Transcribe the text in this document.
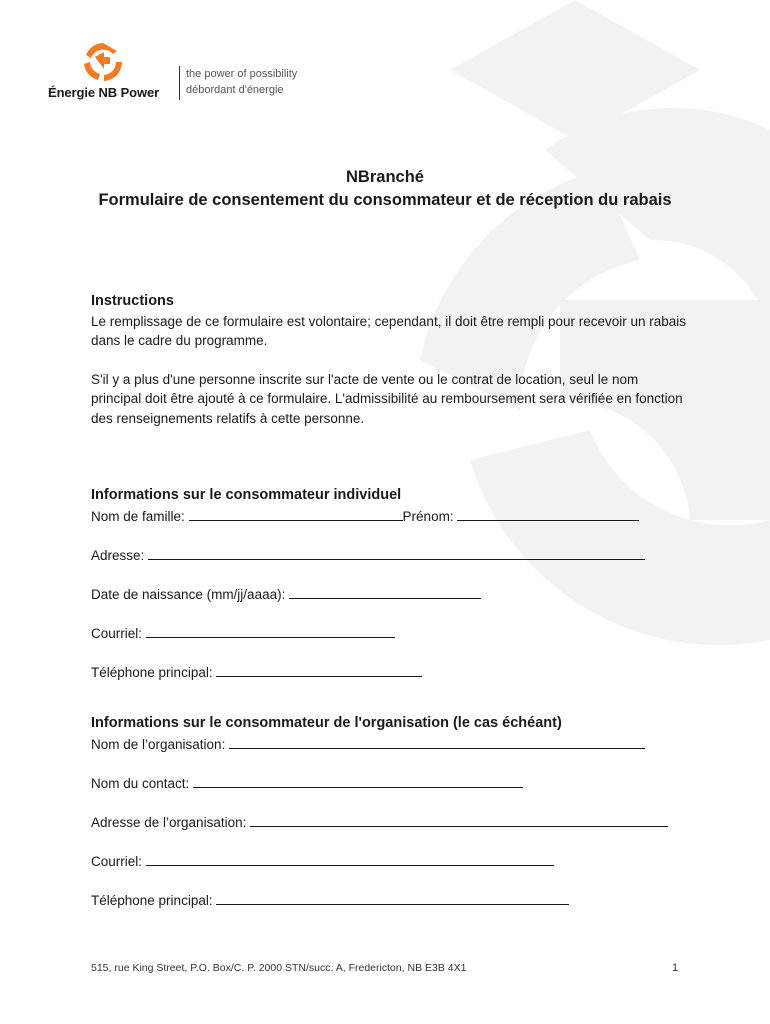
Énergie NB Power
the power of possibility
débordant d'énergie
NBranché
Formulaire de consentement du consommateur et de réception du rabais
Instructions

Le remplissage de ce formulaire est volontaire; cependant, il doit être rempli pour recevoir un rabais dans le cadre du programme.

S'il y a plus d'une personne inscrite sur l'acte de vente ou le contrat de location, seul le nom principal doit être ajouté à ce formulaire. L'admissibilité au remboursement sera vérifiée en fonction des renseignements relatifs à cette personne.

Informations sur le consommateur individuel
Nom de famille:	Prénom:
Adresse:
Date de naissance (mm/jj/aaaa):
Courriel:
Téléphone principal:
Informations sur le consommateur de l'organisation (le cas échéant)
Nom de l’organisation:
Nom du contact:
Adresse de l’organisation:
Courriel:
Téléphone principal:
515, rue King Street, P.O. Box/C. P. 2000 STN/succ. A, Fredericton, NB E3B 4X1	1
